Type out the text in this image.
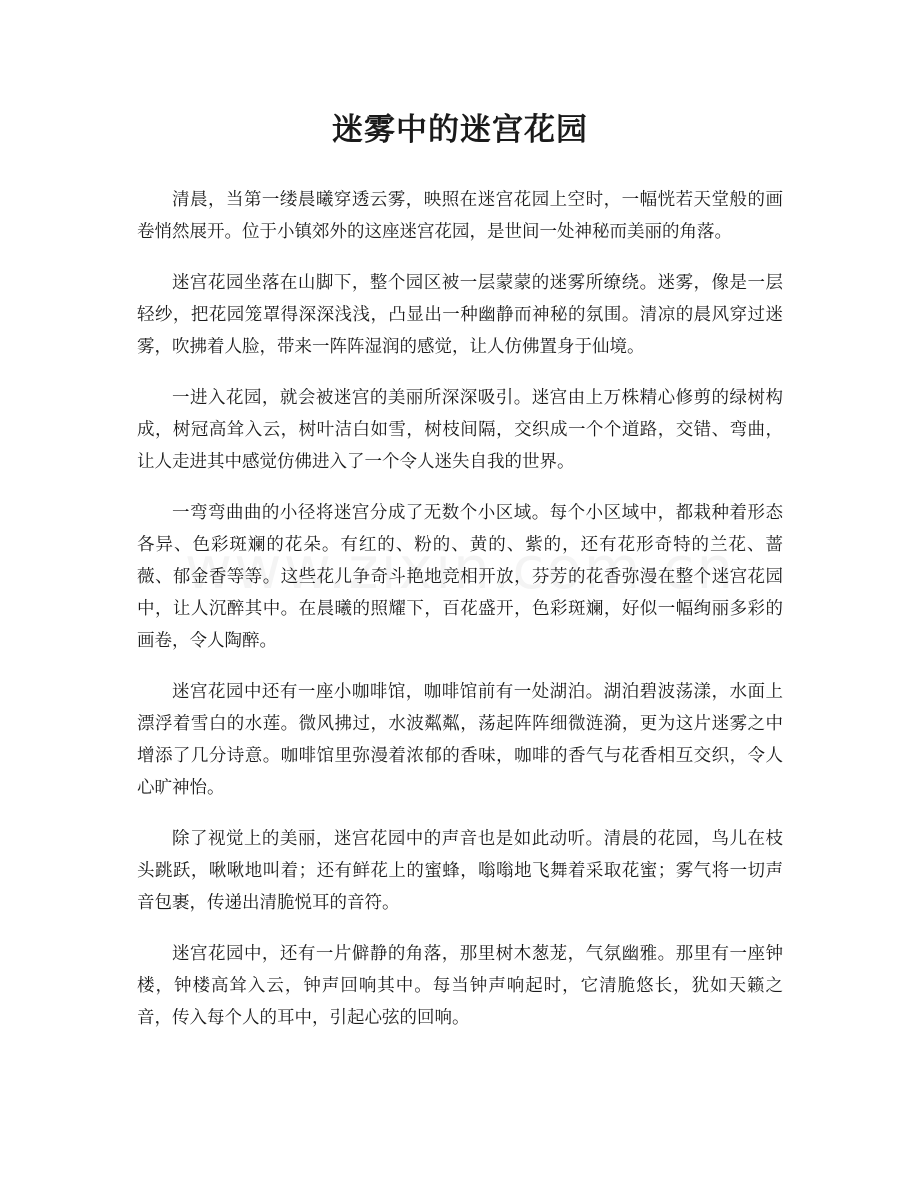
迷雾中的迷宫花园

清晨，当第一缕晨曦穿透云雾，映照在迷宫花园上空时，一幅恍若天堂般的画卷悄然展开。位于小镇郊外的这座迷宫花园，是世间一处神秘而美丽的角落。

迷宫花园坐落在山脚下，整个园区被一层蒙蒙的迷雾所缭绕。迷雾，像是一层轻纱，把花园笼罩得深深浅浅，凸显出一种幽静而神秘的氛围。清凉的晨风穿过迷雾，吹拂着人脸，带来一阵阵湿润的感觉，让人仿佛置身于仙境。

一进入花园，就会被迷宫的美丽所深深吸引。迷宫由上万株精心修剪的绿树构成，树冠高耸入云，树叶洁白如雪，树枝间隔，交织成一个个道路，交错、弯曲，让人走进其中感觉仿佛进入了一个令人迷失自我的世界。

一弯弯曲曲的小径将迷宫分成了无数个小区域。每个小区域中，都栽种着形态各异、色彩斑斓的花朵。有红的、粉的、黄的、紫的，还有花形奇特的兰花、蔷薇、郁金香等等。这些花儿争奇斗艳地竞相开放，芬芳的花香弥漫在整个迷宫花园中，让人沉醉其中。在晨曦的照耀下，百花盛开，色彩斑斓，好似一幅绚丽多彩的画卷，令人陶醉。

迷宫花园中还有一座小咖啡馆，咖啡馆前有一处湖泊。湖泊碧波荡漾，水面上漂浮着雪白的水莲。微风拂过，水波粼粼，荡起阵阵细微涟漪，更为这片迷雾之中增添了几分诗意。咖啡馆里弥漫着浓郁的香味，咖啡的香气与花香相互交织，令人心旷神怡。

除了视觉上的美丽，迷宫花园中的声音也是如此动听。清晨的花园，鸟儿在枝头跳跃，啾啾地叫着；还有鲜花上的蜜蜂，嗡嗡地飞舞着采取花蜜；雾气将一切声音包裹，传递出清脆悦耳的音符。

迷宫花园中，还有一片僻静的角落，那里树木葱茏，气氛幽雅。那里有一座钟楼，钟楼高耸入云，钟声回响其中。每当钟声响起时，它清脆悠长，犹如天籁之音，传入每个人的耳中，引起心弦的回响。
